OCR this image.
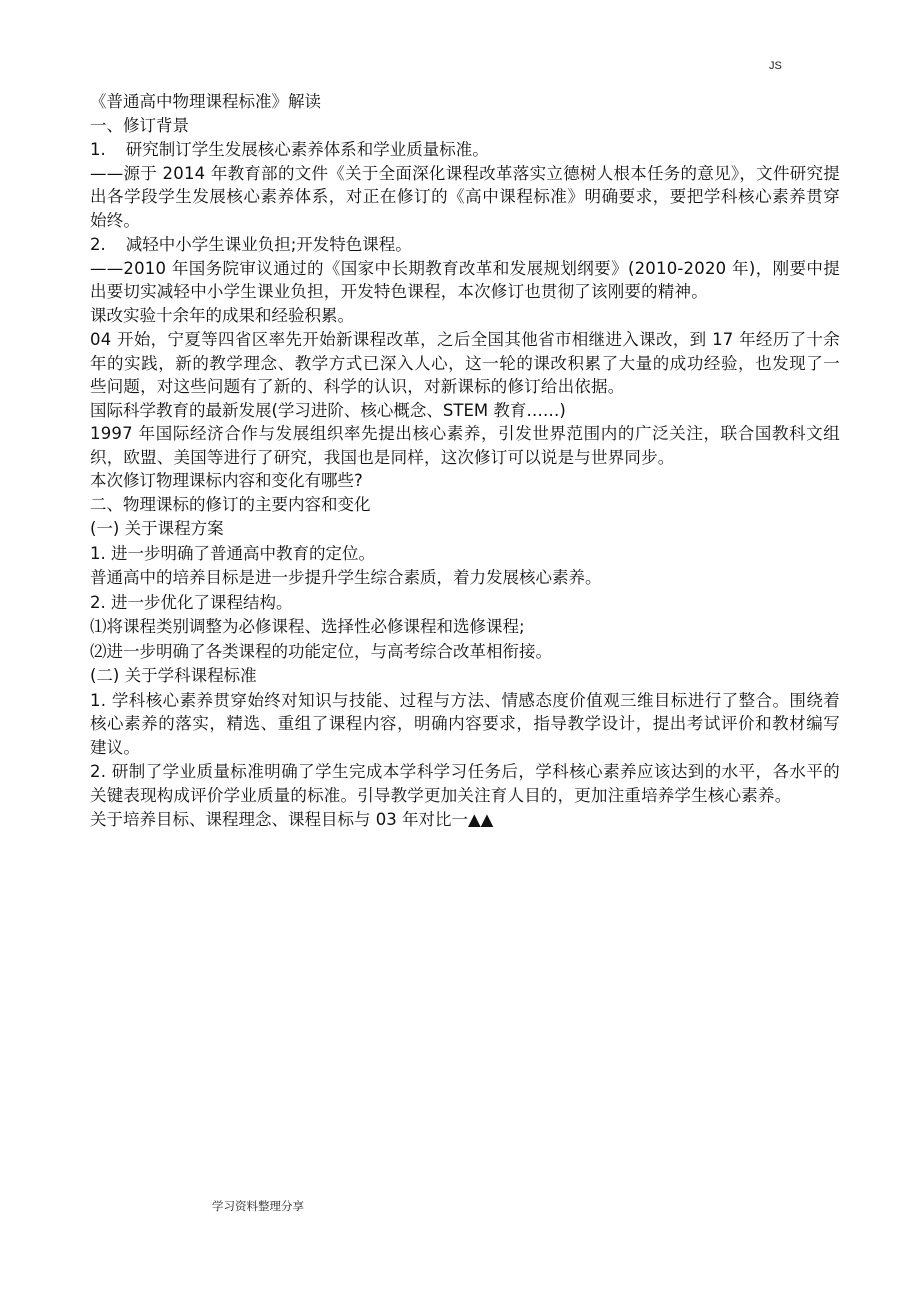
JS

《普通高中物理课程标准》解读

一、修订背景

1. 研究制订学生发展核心素养体系和学业质量标准。

——源于 2014 年教育部的文件《关于全面深化课程改革落实立德树人根本任务的意见》，文件研究提出各学段学生发展核心素养体系，对正在修订的《高中课程标准》明确要求，要把学科核心素养贯穿始终。

2. 减轻中小学生课业负担;开发特色课程。

——2010 年国务院审议通过的《国家中长期教育改革和发展规划纲要》(2010-2020 年)，刚要中提出要切实减轻中小学生课业负担，开发特色课程，本次修订也贯彻了该刚要的精神。

课改实验十余年的成果和经验积累。

04 开始，宁夏等四省区率先开始新课程改革，之后全国其他省市相继进入课改，到 17 年经历了十余年的实践，新的教学理念、教学方式已深入人心，这一轮的课改积累了大量的成功经验，也发现了一些问题，对这些问题有了新的、科学的认识，对新课标的修订给出依据。

国际科学教育的最新发展(学习进阶、核心概念、STEM 教育……)

1997 年国际经济合作与发展组织率先提出核心素养，引发世界范围内的广泛关注，联合国教科文组织，欧盟、美国等进行了研究，我国也是同样，这次修订可以说是与世界同步。

本次修订物理课标内容和变化有哪些?

二、物理课标的修订的主要内容和变化

(一) 关于课程方案

1. 进一步明确了普通高中教育的定位。

普通高中的培养目标是进一步提升学生综合素质，着力发展核心素养。

2. 进一步优化了课程结构。

⑴将课程类别调整为必修课程、选择性必修课程和选修课程;

⑵进一步明确了各类课程的功能定位，与高考综合改革相衔接。

(二) 关于学科课程标准

1. 学科核心素养贯穿始终对知识与技能、过程与方法、情感态度价值观三维目标进行了整合。围绕着核心素养的落实，精选、重组了课程内容，明确内容要求，指导教学设计，提出考试评价和教材编写建议。

2. 研制了学业质量标准明确了学生完成本学科学习任务后，学科核心素养应该达到的水平，各水平的关键表现构成评价学业质量的标准。引导教学更加关注育人目的，更加注重培养学生核心素养。

关于培养目标、课程理念、课程目标与 03 年对比一▲▲

学习资料整理分享
